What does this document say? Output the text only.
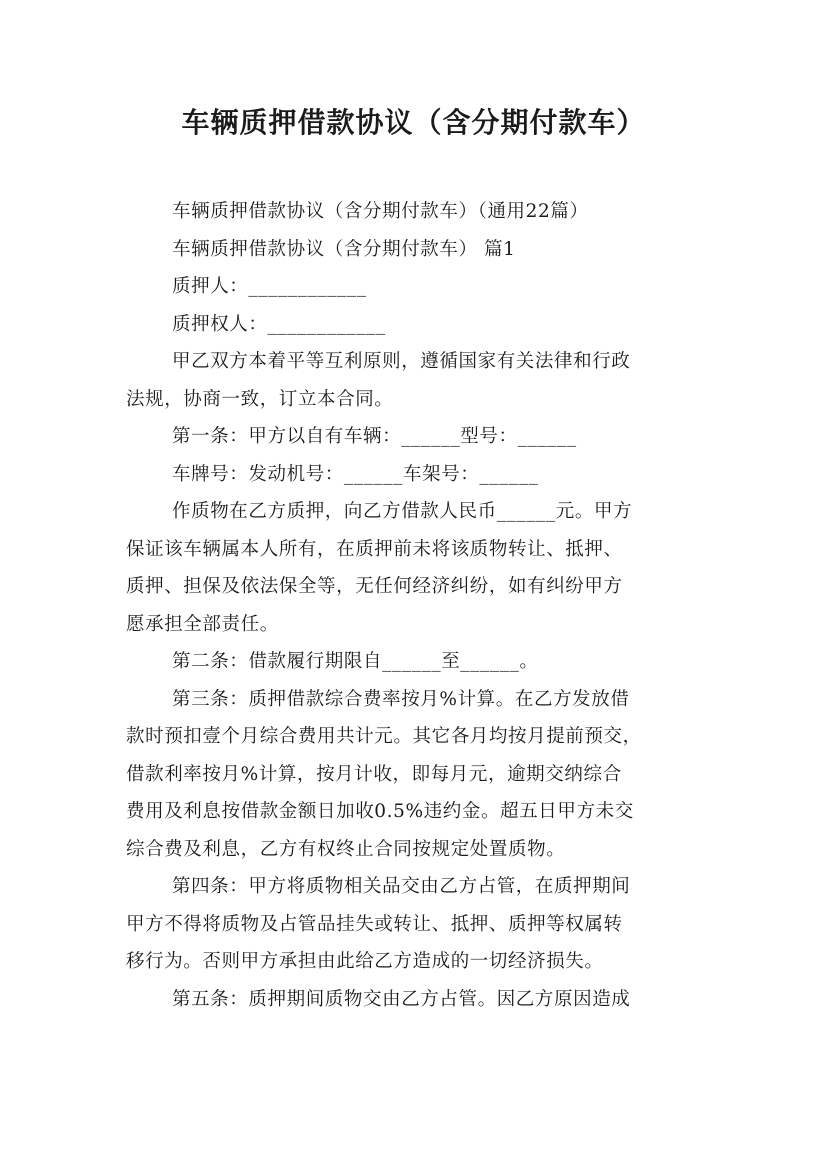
车辆质押借款协议（含分期付款车）

车辆质押借款协议（含分期付款车）（通用22篇）

车辆质押借款协议（含分期付款车） 篇1

质押人：____________

质押权人：____________

甲乙双方本着平等互利原则，遵循国家有关法律和行政

法规，协商一致，订立本合同。

第一条：甲方以自有车辆：______型号：______

车牌号：发动机号：______车架号：______

作质物在乙方质押，向乙方借款人民币______元。甲方

保证该车辆属本人所有，在质押前未将该质物转让、抵押、

质押、担保及依法保全等，无任何经济纠纷，如有纠纷甲方

愿承担全部责任。

第二条：借款履行期限自______至______。

第三条：质押借款综合费率按月%计算。在乙方发放借

款时预扣壹个月综合费用共计元。其它各月均按月提前预交，

借款利率按月%计算，按月计收，即每月元，逾期交纳综合

费用及利息按借款金额日加收0.5%违约金。超五日甲方未交

综合费及利息，乙方有权终止合同按规定处置质物。

第四条：甲方将质物相关品交由乙方占管，在质押期间

甲方不得将质物及占管品挂失或转让、抵押、质押等权属转

移行为。否则甲方承担由此给乙方造成的一切经济损失。

第五条：质押期间质物交由乙方占管。因乙方原因造成
